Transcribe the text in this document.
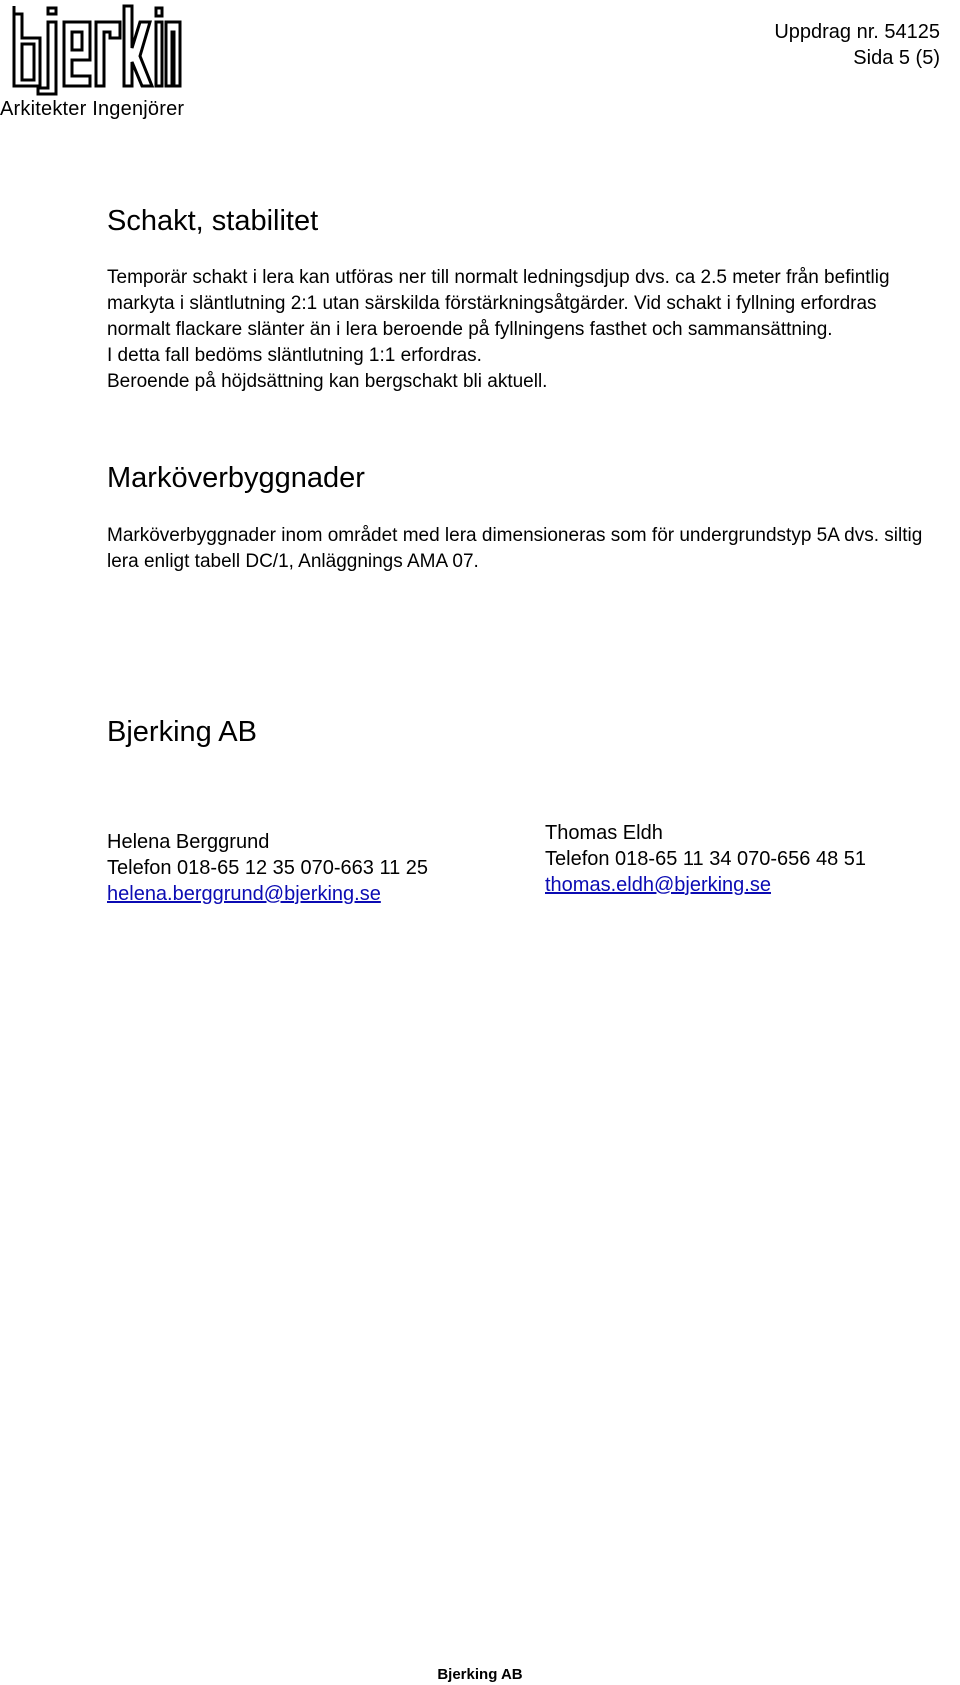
Arkitekter Ingenjörer
Uppdrag nr. 54125
Sida 5 (5)
Schakt, stabilitet

Temporär schakt i lera kan utföras ner till normalt ledningsdjup dvs. ca 2.5 meter från befintlig markyta i släntlutning 2:1 utan särskilda förstärkningsåtgärder. Vid schakt i fyllning erfordras normalt flackare slänter än i lera beroende på fyllningens fasthet och sammansättning.

I detta fall bedöms släntlutning 1:1 erfordras.

Beroende på höjdsättning kan bergschakt bli aktuell.

Marköverbyggnader

Marköverbyggnader inom området med lera dimensioneras som för undergrundstyp 5A dvs. siltig lera enligt tabell DC/1, Anläggnings AMA 07.

Bjerking AB
Helena Berggrund
Telefon 018-65 12 35 070-663 11 25
helena.berggrund@bjerking.se
Thomas Eldh
Telefon 018-65 11 34 070-656 48 51
thomas.eldh@bjerking.se
Bjerking AB
